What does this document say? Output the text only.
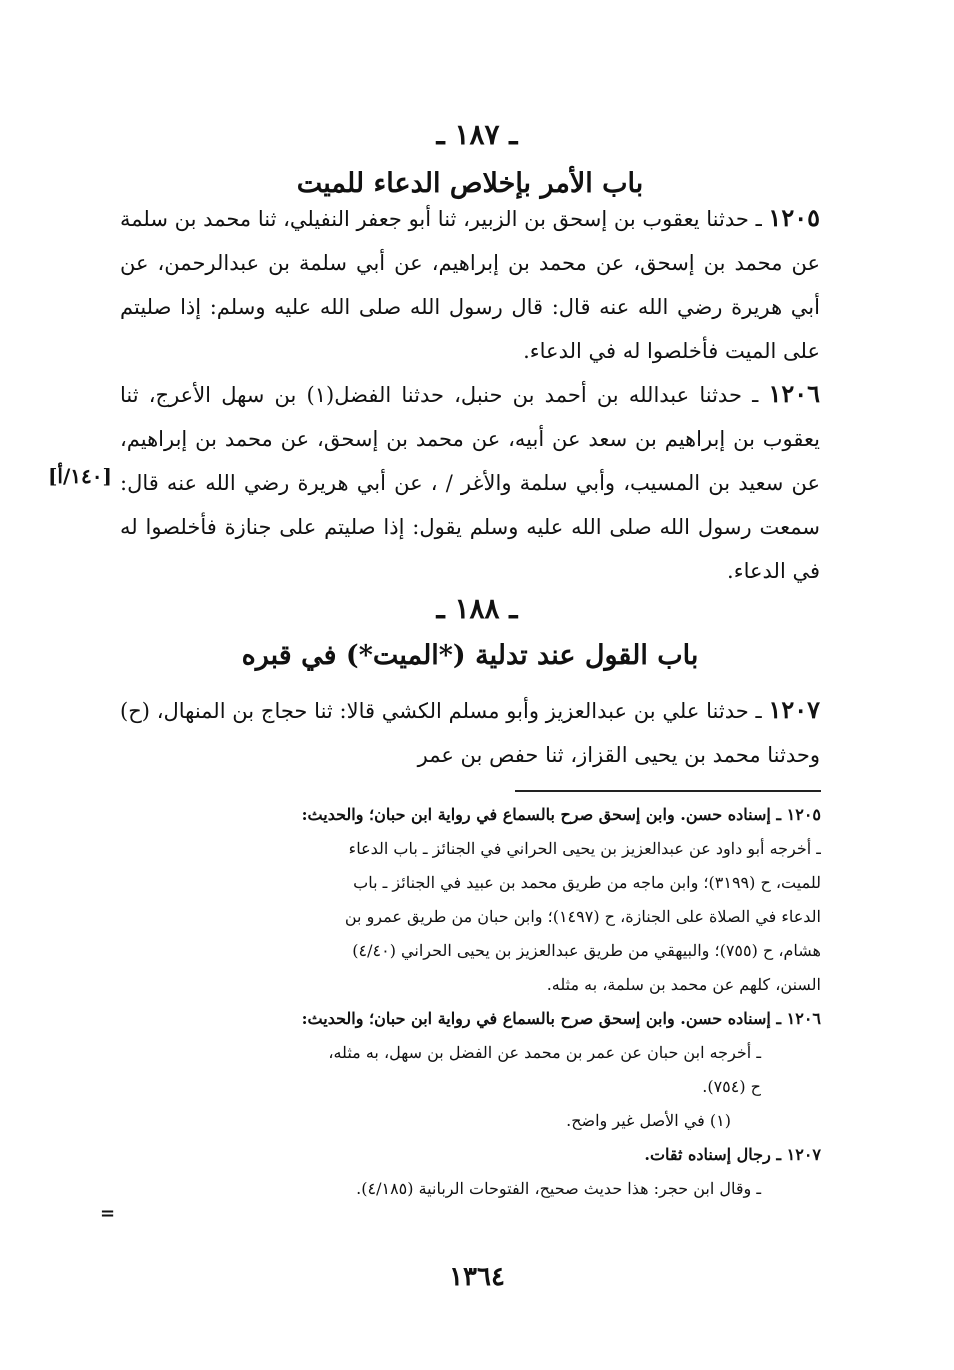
ـ ١٨٧ ـ
باب الأمر بإخلاص الدعاء للميت

١٢٠٥ ـ حدثنا يعقوب بن إسحق بن الزبير، ثنا أبو جعفر النفيلي، ثنا محمد بن سلمة عن محمد بن إسحق، عن محمد بن إبراهيم، عن أبي سلمة بن عبدالرحمن، عن أبي هريرة رضي الله عنه قال: قال رسول الله صلى الله عليه وسلم: إذا صليتم على الميت فأخلصوا له في الدعاء.

١٢٠٦ ـ حدثنا عبدالله بن أحمد بن حنبل، حدثنا الفضل(١) بن سهل الأعرج، ثنا يعقوب بن إبراهيم بن سعد عن أبيه، عن محمد بن إسحق، عن محمد بن إبراهيم، عن سعيد بن المسيب، وأبي سلمة والأغر / ، عن أبي هريرة رضي الله عنه قال: سمعت رسول الله صلى الله عليه وسلم يقول: إذا صليتم على جنازة فأخلصوا له في الدعاء.

[١٤٠/أ]
ـ ١٨٨ ـ
باب القول عند تدلية (*الميت*) في قبره

١٢٠٧ ـ حدثنا علي بن عبدالعزيز وأبو مسلم الكشي قالا: ثنا حجاج بن المنهال، (ح) وحدثنا محمد بن يحيى القزاز، ثنا حفص بن عمر

١٢٠٥ ـ إسناده حسن. وابن إسحق صرح بالسماع في رواية ابن حبان؛ والحديث:
ـ أخرجه أبو داود عن عبدالعزيز بن يحيى الحراني في الجنائز ـ باب الدعاء
للميت، ح (٣١٩٩)؛ وابن ماجه من طريق محمد بن عبيد في الجنائز ـ باب
الدعاء في الصلاة على الجنازة، ح (١٤٩٧)؛ وابن حبان من طريق عمرو بن
هشام، ح (٧٥٥)؛ والبيهقي من طريق عبدالعزيز بن يحيى الحراني (٤/٤٠)
السنن، كلهم عن محمد بن سلمة، به مثله.
١٢٠٦ ـ إسناده حسن. وابن إسحق صرح بالسماع في رواية ابن حبان؛ والحديث:
ـ أخرجه ابن حبان عن عمر بن محمد عن الفضل بن سهل، به مثله،
ح (٧٥٤).
(١) في الأصل غير واضح.
١٢٠٧ ـ رجال إسناده ثقات.
ـ وقال ابن حجر: هذا حديث صحيح، الفتوحات الربانية (٤/١٨٥).
=
١٣٦٤
